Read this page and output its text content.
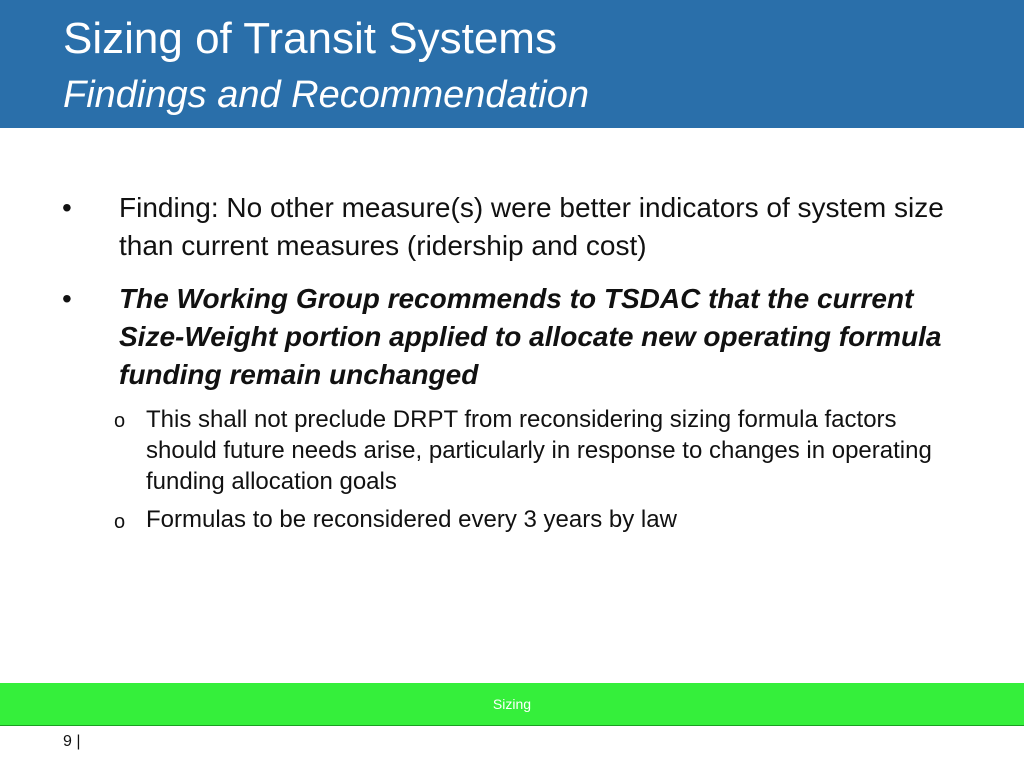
Sizing of Transit Systems
Findings and Recommendation
• Finding: No other measure(s) were better indicators of system size than current measures (ridership and cost)
• The Working Group recommends to TSDAC that the current Size-Weight portion applied to allocate new operating formula funding remain unchanged
o This shall not preclude DRPT from reconsidering sizing formula factors should future needs arise, particularly in response to changes in operating funding allocation goals
o Formulas to be reconsidered every 3 years by law
Sizing
9 |
